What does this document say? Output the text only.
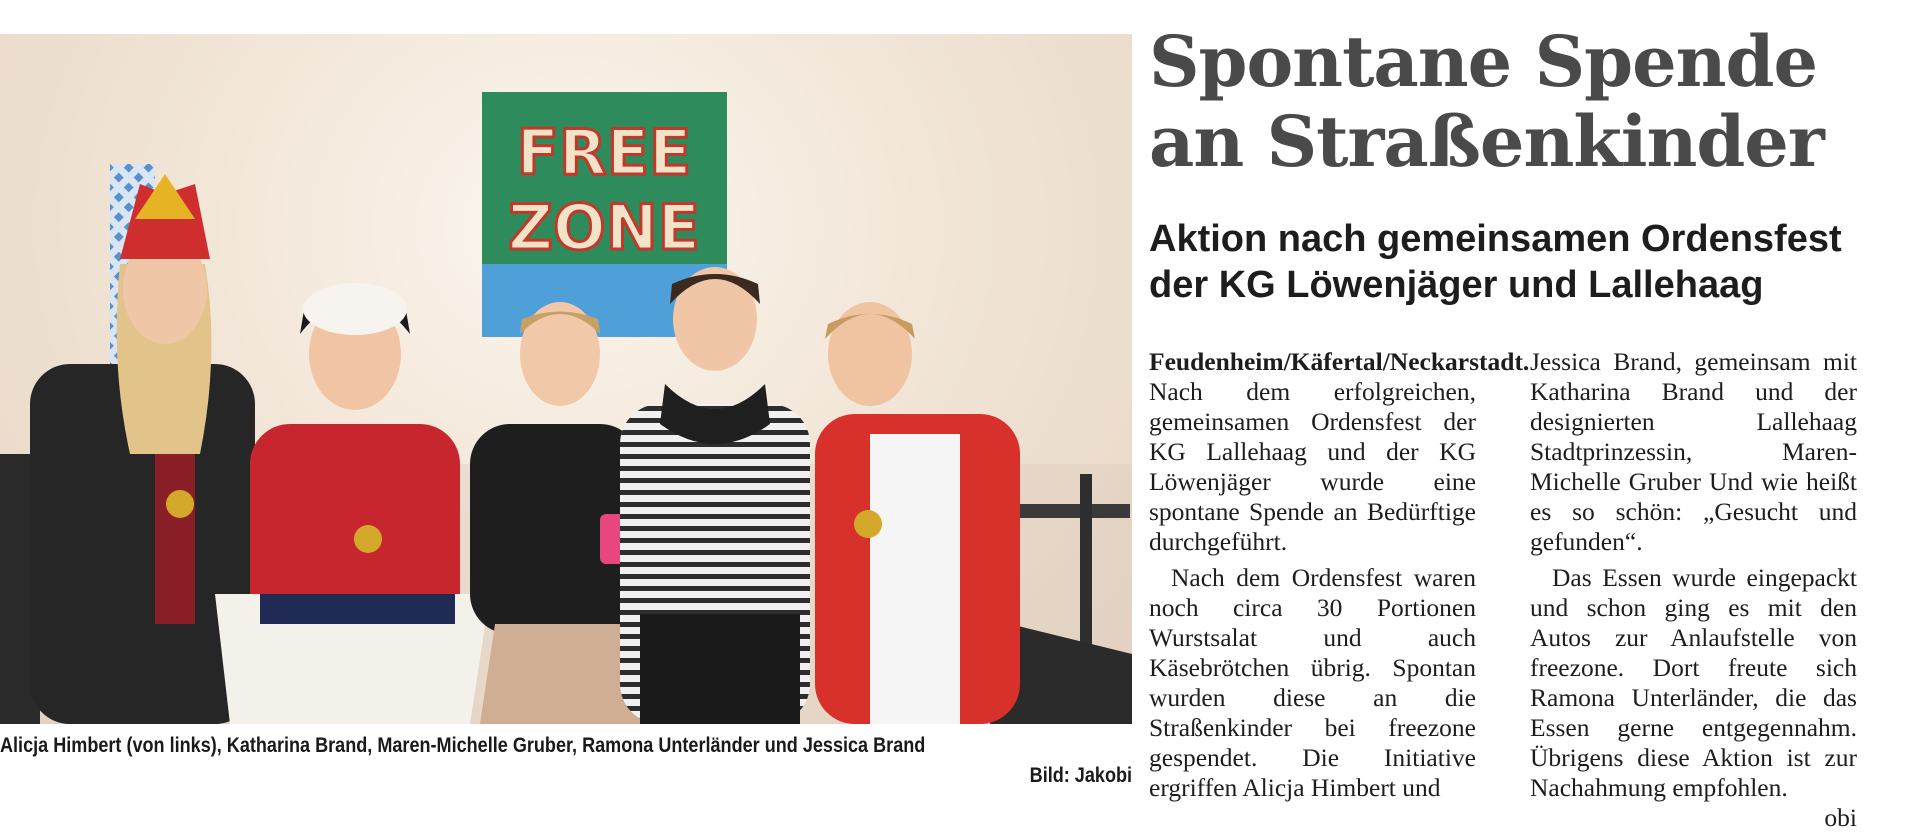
FREE
ZONE
Alicja Himbert (von links), Katharina Brand, Maren-Michelle Gruber, Ramona Unterländer und Jessica Brand
Bild: Jakobi
Spontane Spende
an Straßenkinder
Aktion nach gemeinsamen Ordensfest
der KG Löwenjäger und Lallehaag

Feudenheim/Käfertal/Neckarstadt. Nach dem erfolgreichen, gemeinsamen Ordensfest der KG Lallehaag und der KG Löwenjäger wurde eine spontane Spende an Bedürftige durchgeführt.

Nach dem Ordensfest waren noch circa 30 Portionen Wurstsalat und auch Käsebrötchen übrig. Spontan wurden diese an die Straßenkinder bei freezone gespendet. Die Initiative ergriffen Alicja Himbert und

Jessica Brand, gemeinsam mit Katharina Brand und der designierten Lallehaag Stadtprinzessin, Maren-Michelle Gruber Und wie heißt es so schön: „Gesucht und gefunden“.

Das Essen wurde eingepackt und schon ging es mit den Autos zur Anlaufstelle von freezone. Dort freute sich Ramona Unterländer, die das Essen gerne entgegennahm. Übrigens diese Aktion ist zur Nachahmung empfohlen.

obi
